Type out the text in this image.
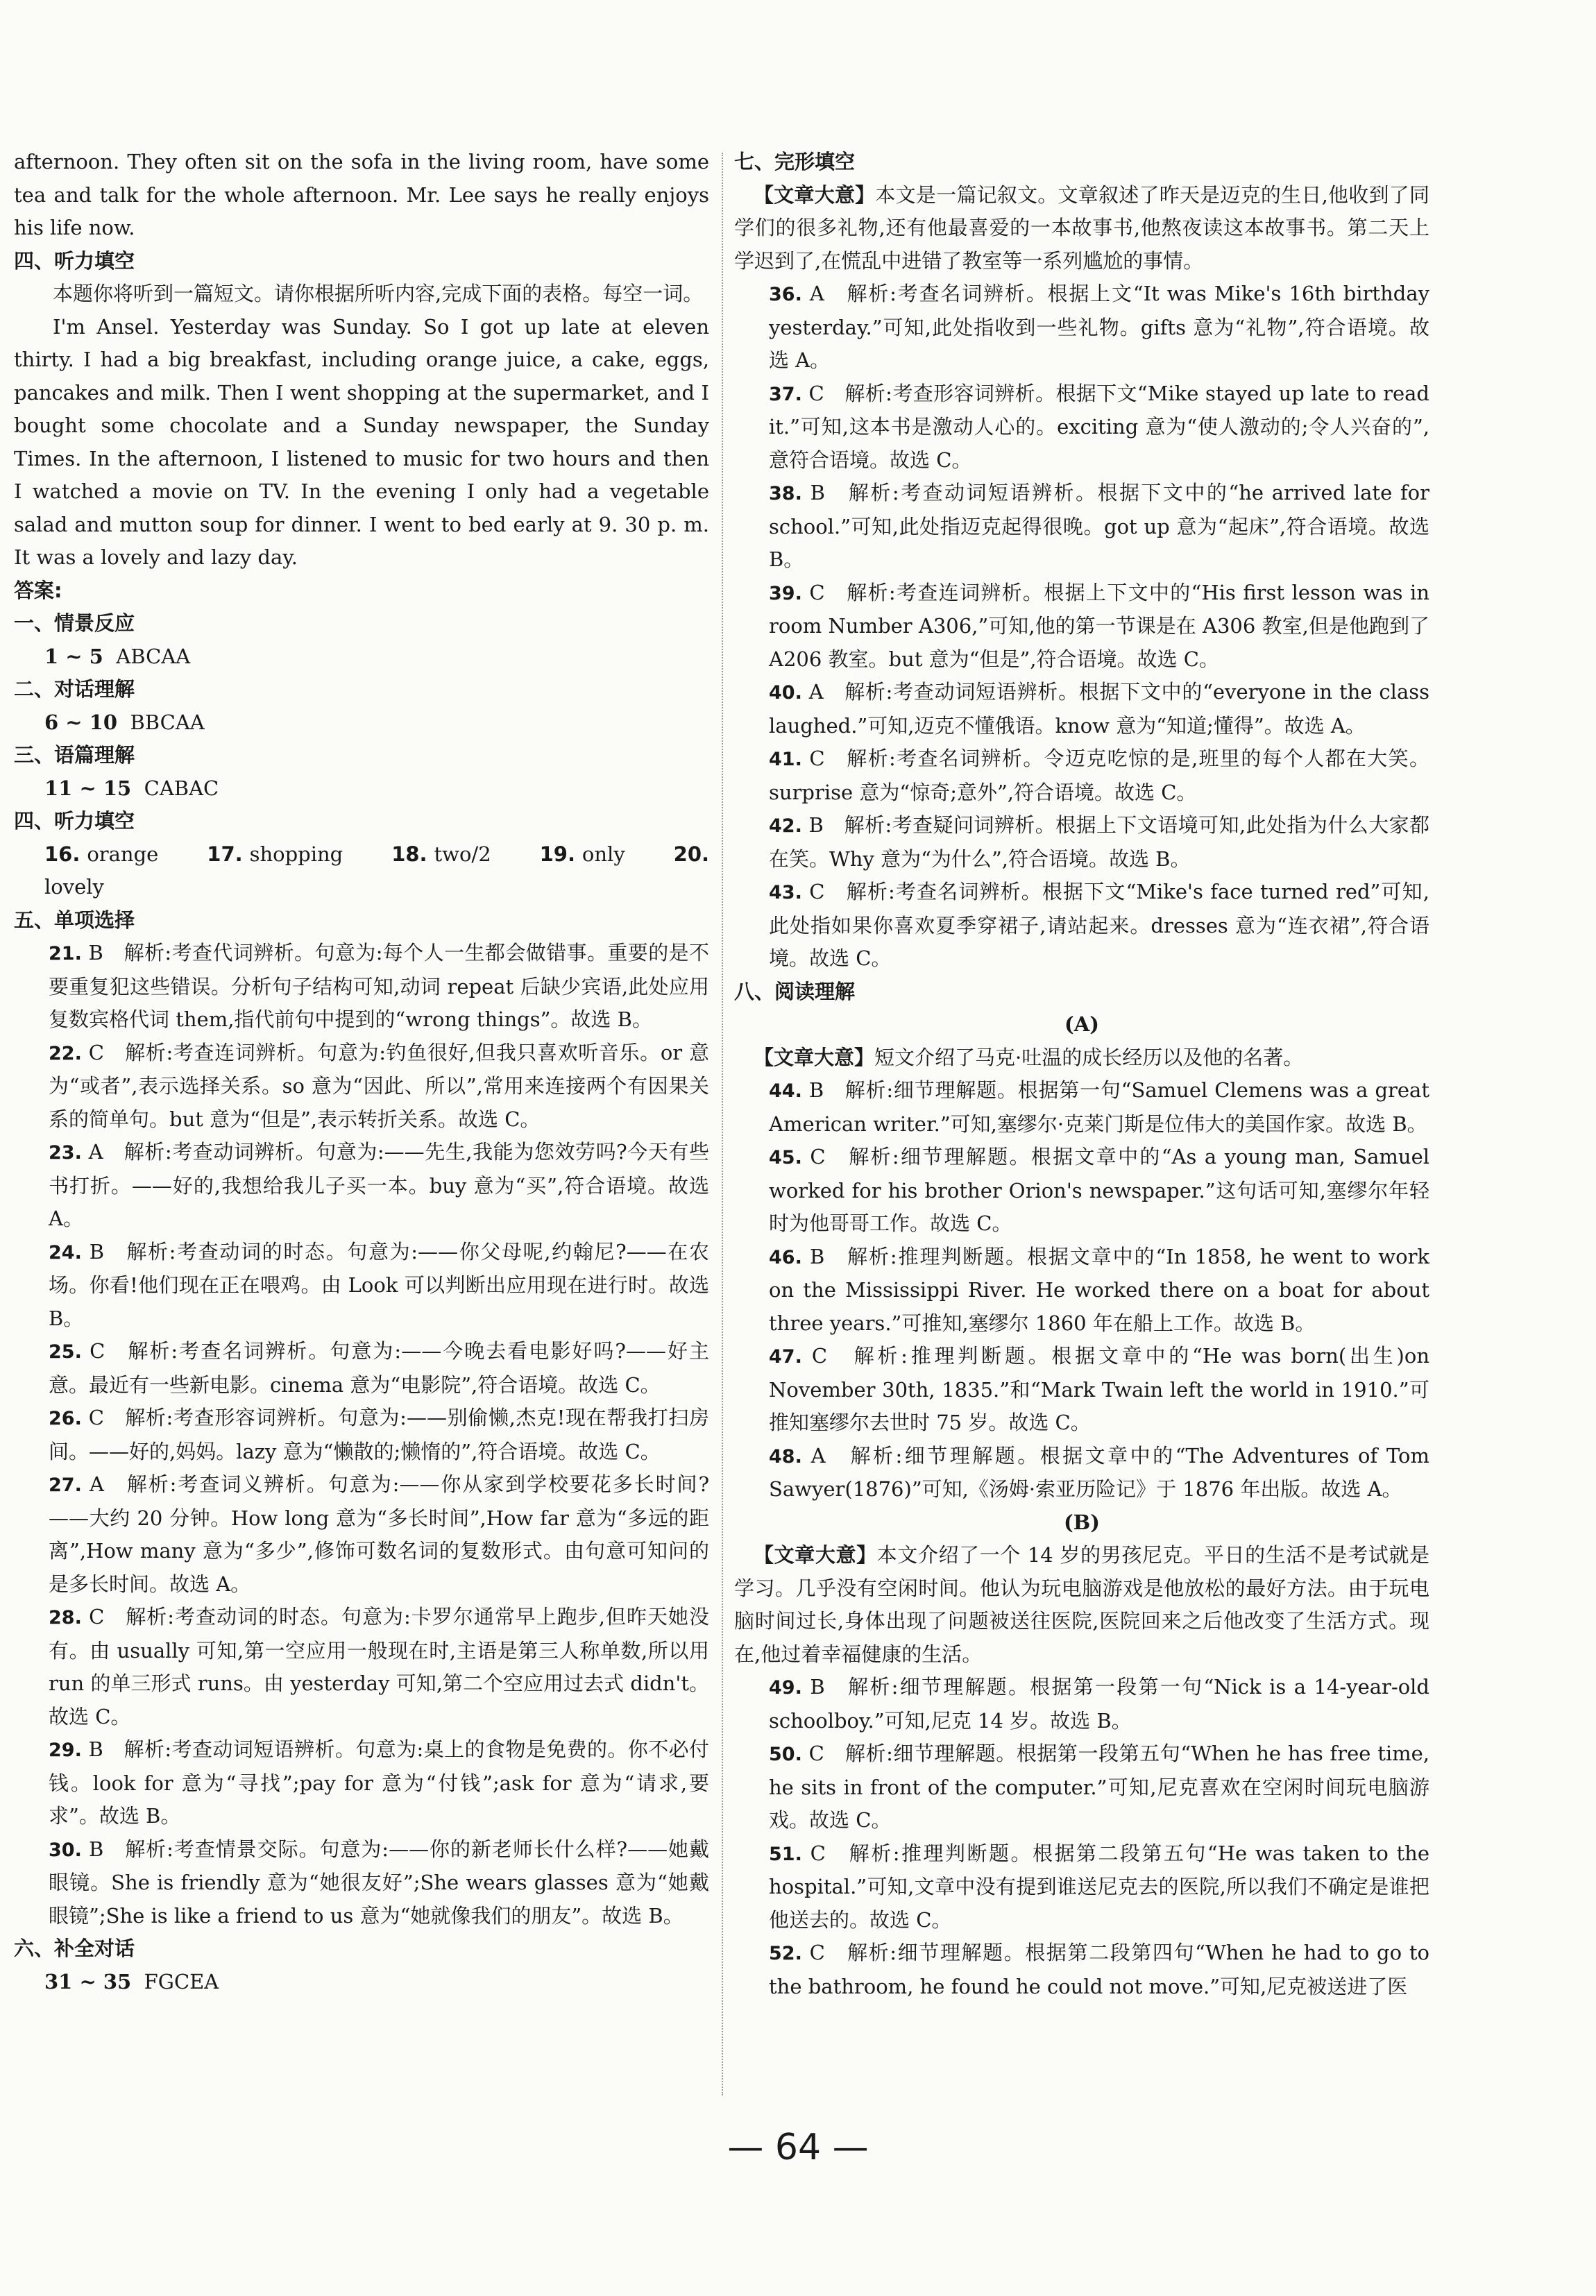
afternoon. They often sit on the sofa in the living room, have some tea and talk for the whole afternoon. Mr. Lee says he really enjoys his life now.

四、听力填空

本题你将听到一篇短文。请你根据所听内容,完成下面的表格。每空一词。

I'm Ansel. Yesterday was Sunday. So I got up late at eleven thirty. I had a big breakfast, including orange juice, a cake, eggs, pancakes and milk. Then I went shopping at the supermarket, and I bought some chocolate and a Sunday newspaper, the Sunday Times. In the afternoon, I listened to music for two hours and then I watched a movie on TV. In the evening I only had a vegetable salad and mutton soup for dinner. I went to bed early at 9. 30 p. m. It was a lovely and lazy day.

答案:

一、情景反应

1 ~ 5 ABCAA

二、对话理解

6 ~ 10 BBCAA

三、语篇理解

11 ~ 15 CABAC

四、听力填空

16. orange 17. shopping 18. two/2 19. only 20. lovely

五、单项选择

21. B　解析:考查代词辨析。句意为:每个人一生都会做错事。重要的是不要重复犯这些错误。分析句子结构可知,动词 repeat 后缺少宾语,此处应用复数宾格代词 them,指代前句中提到的“wrong things”。故选 B。

22. C　解析:考查连词辨析。句意为:钓鱼很好,但我只喜欢听音乐。or 意为“或者”,表示选择关系。so 意为“因此、所以”,常用来连接两个有因果关系的简单句。but 意为“但是”,表示转折关系。故选 C。

23. A　解析:考查动词辨析。句意为:——先生,我能为您效劳吗?今天有些书打折。——好的,我想给我儿子买一本。buy 意为“买”,符合语境。故选 A。

24. B　解析:考查动词的时态。句意为:——你父母呢,约翰尼?——在农场。你看!他们现在正在喂鸡。由 Look 可以判断出应用现在进行时。故选 B。

25. C　解析:考查名词辨析。句意为:——今晚去看电影好吗?——好主意。最近有一些新电影。cinema 意为“电影院”,符合语境。故选 C。

26. C　解析:考查形容词辨析。句意为:——别偷懒,杰克!现在帮我打扫房间。——好的,妈妈。lazy 意为“懒散的;懒惰的”,符合语境。故选 C。

27. A　解析:考查词义辨析。句意为:——你从家到学校要花多长时间?——大约 20 分钟。How long 意为“多长时间”,How far 意为“多远的距离”,How many 意为“多少”,修饰可数名词的复数形式。由句意可知问的是多长时间。故选 A。

28. C　解析:考查动词的时态。句意为:卡罗尔通常早上跑步,但昨天她没有。由 usually 可知,第一空应用一般现在时,主语是第三人称单数,所以用 run 的单三形式 runs。由 yesterday 可知,第二个空应用过去式 didn't。故选 C。

29. B　解析:考查动词短语辨析。句意为:桌上的食物是免费的。你不必付钱。look for 意为“寻找”;pay for 意为“付钱”;ask for 意为“请求,要求”。故选 B。

30. B　解析:考查情景交际。句意为:——你的新老师长什么样?——她戴眼镜。She is friendly 意为“她很友好”;She wears glasses 意为“她戴眼镜”;She is like a friend to us 意为“她就像我们的朋友”。故选 B。

六、补全对话

31 ~ 35 FGCEA

七、完形填空

【文章大意】本文是一篇记叙文。文章叙述了昨天是迈克的生日,他收到了同学们的很多礼物,还有他最喜爱的一本故事书,他熬夜读这本故事书。第二天上学迟到了,在慌乱中进错了教室等一系列尴尬的事情。

36. A　解析:考查名词辨析。根据上文“It was Mike's 16th birthday yesterday.”可知,此处指收到一些礼物。gifts 意为“礼物”,符合语境。故选 A。

37. C　解析:考查形容词辨析。根据下文“Mike stayed up late to read it.”可知,这本书是激动人心的。exciting 意为“使人激动的;令人兴奋的”,意符合语境。故选 C。

38. B　解析:考查动词短语辨析。根据下文中的“he arrived late for school.”可知,此处指迈克起得很晚。got up 意为“起床”,符合语境。故选 B。

39. C　解析:考查连词辨析。根据上下文中的“His first lesson was in room Number A306,”可知,他的第一节课是在 A306 教室,但是他跑到了 A206 教室。but 意为“但是”,符合语境。故选 C。

40. A　解析:考查动词短语辨析。根据下文中的“everyone in the class laughed.”可知,迈克不懂俄语。know 意为“知道;懂得”。故选 A。

41. C　解析:考查名词辨析。令迈克吃惊的是,班里的每个人都在大笑。surprise 意为“惊奇;意外”,符合语境。故选 C。

42. B　解析:考查疑问词辨析。根据上下文语境可知,此处指为什么大家都在笑。Why 意为“为什么”,符合语境。故选 B。

43. C　解析:考查名词辨析。根据下文“Mike's face turned red”可知,此处指如果你喜欢夏季穿裙子,请站起来。dresses 意为“连衣裙”,符合语境。故选 C。

八、阅读理解

(A)

【文章大意】短文介绍了马克·吐温的成长经历以及他的名著。

44. B　解析:细节理解题。根据第一句“Samuel Clemens was a great American writer.”可知,塞缪尔·克莱门斯是位伟大的美国作家。故选 B。

45. C　解析:细节理解题。根据文章中的“As a young man, Samuel worked for his brother Orion's newspaper.”这句话可知,塞缪尔年轻时为他哥哥工作。故选 C。

46. B　解析:推理判断题。根据文章中的“In 1858, he went to work on the Mississippi River. He worked there on a boat for about three years.”可推知,塞缪尔 1860 年在船上工作。故选 B。

47. C　解析:推理判断题。根据文章中的“He was born(出生)on November 30th, 1835.”和“Mark Twain left the world in 1910.”可推知塞缪尔去世时 75 岁。故选 C。

48. A　解析:细节理解题。根据文章中的“The Adventures of Tom Sawyer(1876)”可知,《汤姆·索亚历险记》于 1876 年出版。故选 A。

(B)

【文章大意】本文介绍了一个 14 岁的男孩尼克。平日的生活不是考试就是学习。几乎没有空闲时间。他认为玩电脑游戏是他放松的最好方法。由于玩电脑时间过长,身体出现了问题被送往医院,医院回来之后他改变了生活方式。现在,他过着幸福健康的生活。

49. B　解析:细节理解题。根据第一段第一句“Nick is a 14-year-old schoolboy.”可知,尼克 14 岁。故选 B。

50. C　解析:细节理解题。根据第一段第五句“When he has free time, he sits in front of the computer.”可知,尼克喜欢在空闲时间玩电脑游戏。故选 C。

51. C　解析:推理判断题。根据第二段第五句“He was taken to the hospital.”可知,文章中没有提到谁送尼克去的医院,所以我们不确定是谁把他送去的。故选 C。

52. C　解析:细节理解题。根据第二段第四句“When he had to go to the bathroom, he found he could not move.”可知,尼克被送进了医

— 64 —
